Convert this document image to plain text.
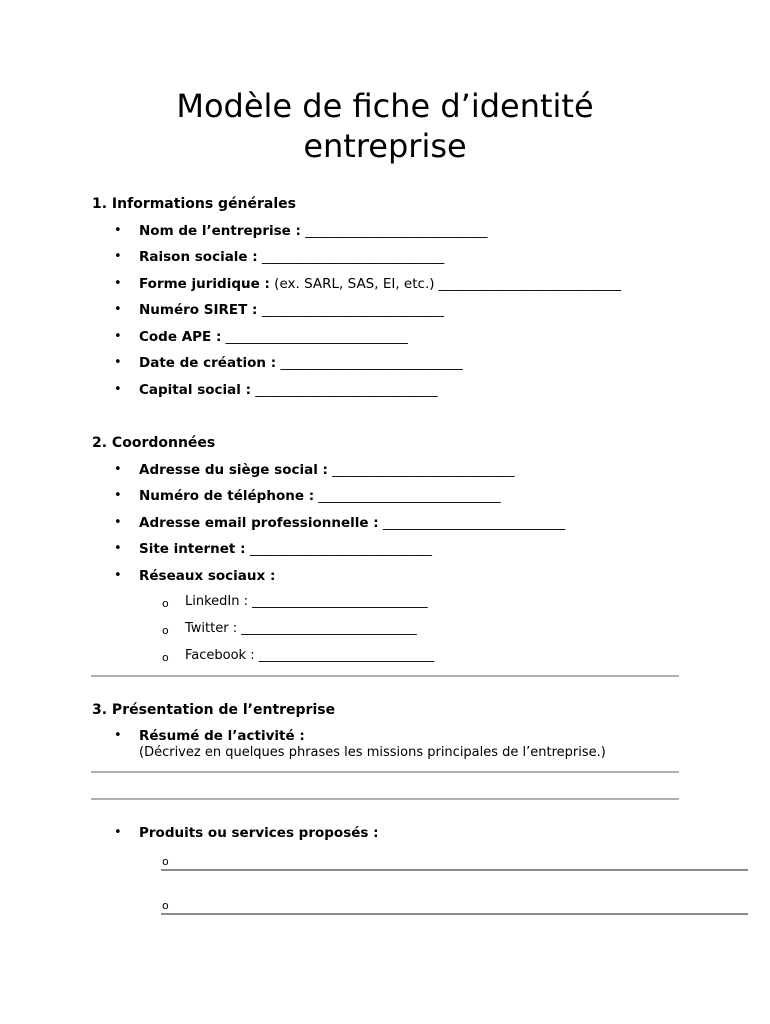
Modèle de fiche d’identité
entreprise
1. Informations générales
• Nom de l’entreprise : ___________________________
• Raison sociale : ___________________________
• Forme juridique : (ex. SARL, SAS, EI, etc.) ___________________________
• Numéro SIRET : ___________________________
• Code APE : ___________________________
• Date de création : ___________________________
• Capital social : ___________________________
2. Coordonnées
• Adresse du siège social : ___________________________
• Numéro de téléphone : ___________________________
• Adresse email professionnelle : ___________________________
• Site internet : ___________________________
• Réseaux sociaux :
o LinkedIn : ___________________________
o Twitter : ___________________________
o Facebook : ___________________________
3. Présentation de l’entreprise
• Résumé de l’activité :
(Décrivez en quelques phrases les missions principales de l’entreprise.)
• Produits ou services proposés :
o
o
